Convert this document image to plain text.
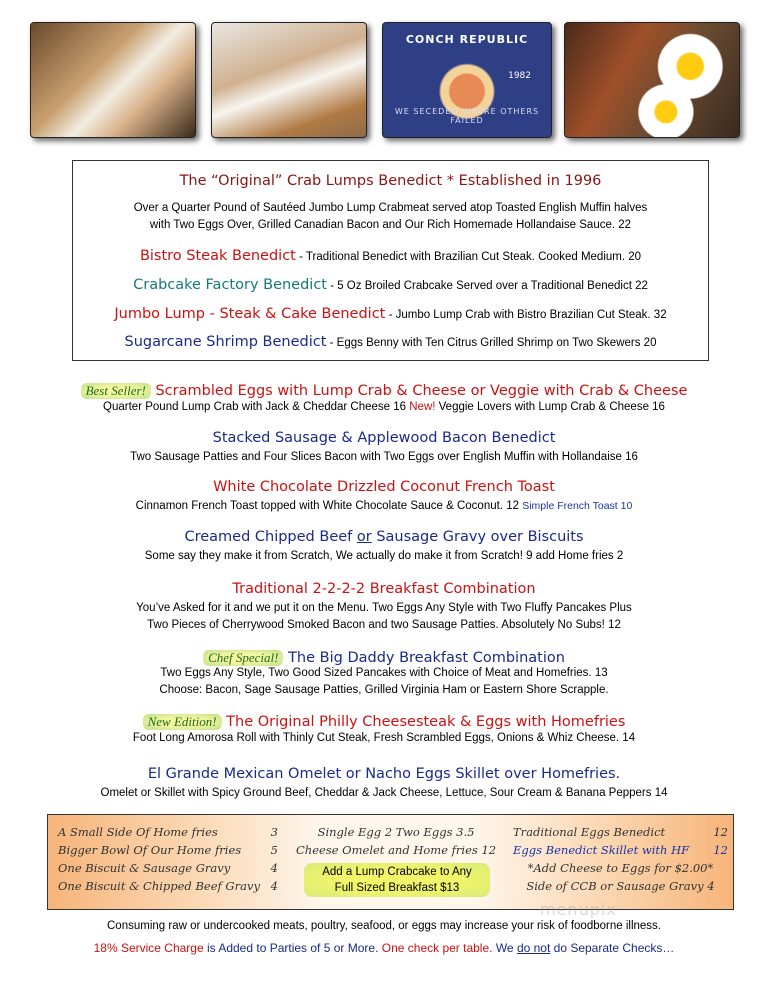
CONCH REPUBLIC
1982
WE SECEDED WHERE OTHERS FAILED
The “Original” Crab Lumps Benedict * Established in 1996
Over a Quarter Pound of Sautéed Jumbo Lump Crabmeat served atop Toasted English Muffin halves
with Two Eggs Over, Grilled Canadian Bacon and Our Rich Homemade Hollandaise Sauce. 22
Bistro Steak Benedict - Traditional Benedict with Brazilian Cut Steak. Cooked Medium. 20
Crabcake Factory Benedict - 5 Oz Broiled Crabcake Served over a Traditional Benedict 22
Jumbo Lump - Steak & Cake Benedict - Jumbo Lump Crab with Bistro Brazilian Cut Steak. 32
Sugarcane Shrimp Benedict - Eggs Benny with Ten Citrus Grilled Shrimp on Two Skewers 20
Best Seller! Scrambled Eggs with Lump Crab & Cheese or Veggie with Crab & Cheese
Quarter Pound Lump Crab with Jack & Cheddar Cheese 16 New! Veggie Lovers with Lump Crab & Cheese 16
Stacked Sausage & Applewood Bacon Benedict
Two Sausage Patties and Four Slices Bacon with Two Eggs over English Muffin with Hollandaise 16
White Chocolate Drizzled Coconut French Toast
Cinnamon French Toast topped with White Chocolate Sauce & Coconut. 12 Simple French Toast 10
Creamed Chipped Beef or Sausage Gravy over Biscuits
Some say they make it from Scratch, We actually do make it from Scratch! 9 add Home fries 2
Traditional 2-2-2-2 Breakfast Combination
You’ve Asked for it and we put it on the Menu. Two Eggs Any Style with Two Fluffy Pancakes Plus
Two Pieces of Cherrywood Smoked Bacon and two Sausage Patties. Absolutely No Subs! 12
Chef Special! The Big Daddy Breakfast Combination
Two Eggs Any Style, Two Good Sized Pancakes with Choice of Meat and Homefries. 13
Choose: Bacon, Sage Sausage Patties, Grilled Virginia Ham or Eastern Shore Scrapple.
New Edition! The Original Philly Cheesesteak & Eggs with Homefries
Foot Long Amorosa Roll with Thinly Cut Steak, Fresh Scrambled Eggs, Onions & Whiz Cheese. 14
El Grande Mexican Omelet or Nacho Eggs Skillet over Homefries.
Omelet or Skillet with Spicy Ground Beef, Cheddar & Jack Cheese, Lettuce, Sour Cream & Banana Peppers 14
A Small Side Of Home fries	3
Bigger Bowl Of Our Home fries	5
One Biscuit & Sausage Gravy	4
One Biscuit & Chipped Beef Gravy 4
Single Egg 2 Two Eggs 3.5
Cheese Omelet and Home fries 12
Add a Lump Crabcake to Any
Full Sized Breakfast $13
Traditional Eggs Benedict	12
Eggs Benedict Skillet with HF 12
*Add Cheese to Eggs for $2.00*
Side of CCB or Sausage Gravy 4
menupix
Consuming raw or undercooked meats, poultry, seafood, or eggs may increase your risk of foodborne illness.
18% Service Charge is Added to Parties of 5 or More. One check per table. We do not do Separate Checks…
